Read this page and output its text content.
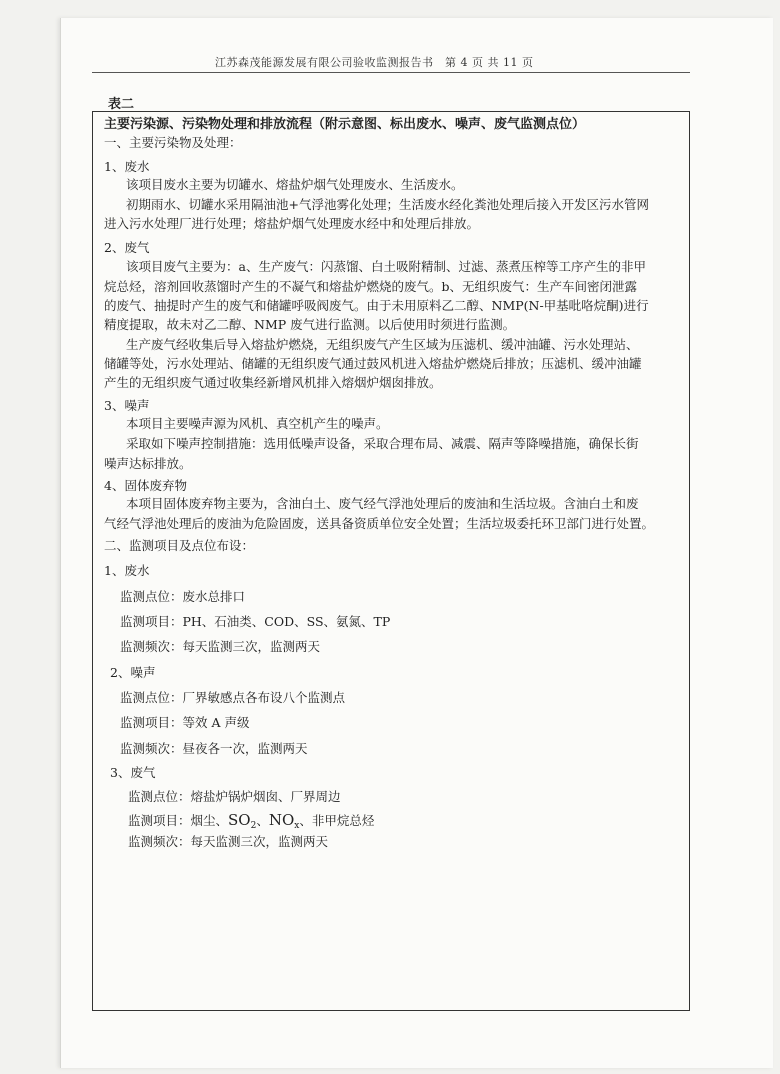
江苏森茂能源发展有限公司验收监测报告书　第 4 页 共 11 页
表二
主要污染源、污染物处理和排放流程（附示意图、标出废水、噪声、废气监测点位）
一、主要污染物及处理：
1、废水
该项目废水主要为切罐水、熔盐炉烟气处理废水、生活废水。
初期雨水、切罐水采用隔油池+气浮池雾化处理；生活废水经化粪池处理后接入开发区污水管网
进入污水处理厂进行处理；熔盐炉烟气处理废水经中和处理后排放。
2、废气
该项目废气主要为：a、生产废气：闪蒸馏、白土吸附精制、过滤、蒸煮压榨等工序产生的非甲
烷总烃，溶剂回收蒸馏时产生的不凝气和熔盐炉燃烧的废气。b、无组织废气：生产车间密闭泄露
的废气、抽提时产生的废气和储罐呼吸阀废气。由于未用原料乙二醇、NMP(N-甲基吡咯烷酮)进行
精度提取，故未对乙二醇、NMP 废气进行监测。以后使用时须进行监测。
生产废气经收集后导入熔盐炉燃烧，无组织废气产生区域为压滤机、缓冲油罐、污水处理站、
储罐等处，污水处理站、储罐的无组织废气通过鼓风机进入熔盐炉燃烧后排放；压滤机、缓冲油罐
产生的无组织废气通过收集经新增风机排入熔烟炉烟囱排放。
3、噪声
本项目主要噪声源为风机、真空机产生的噪声。
采取如下噪声控制措施：选用低噪声设备，采取合理布局、减震、隔声等降噪措施，确保长街
噪声达标排放。
4、固体废弃物
本项目固体废弃物主要为，含油白土、废气经气浮池处理后的废油和生活垃圾。含油白土和废
气经气浮池处理后的废油为危险固废，送具备资质单位安全处置；生活垃圾委托环卫部门进行处置。
二、监测项目及点位布设：
1、废水
监测点位：废水总排口
监测项目：PH、石油类、COD、SS、氨氮、TP
监测频次：每天监测三次，监测两天
2、噪声
监测点位：厂界敏感点各布设八个监测点
监测项目：等效 A 声级
监测频次：昼夜各一次，监测两天
3、废气
监测点位：熔盐炉锅炉烟囱、厂界周边
监测项目：烟尘、$SO_2$、$NO_x$、非甲烷总烃
监测频次：每天监测三次，监测两天
